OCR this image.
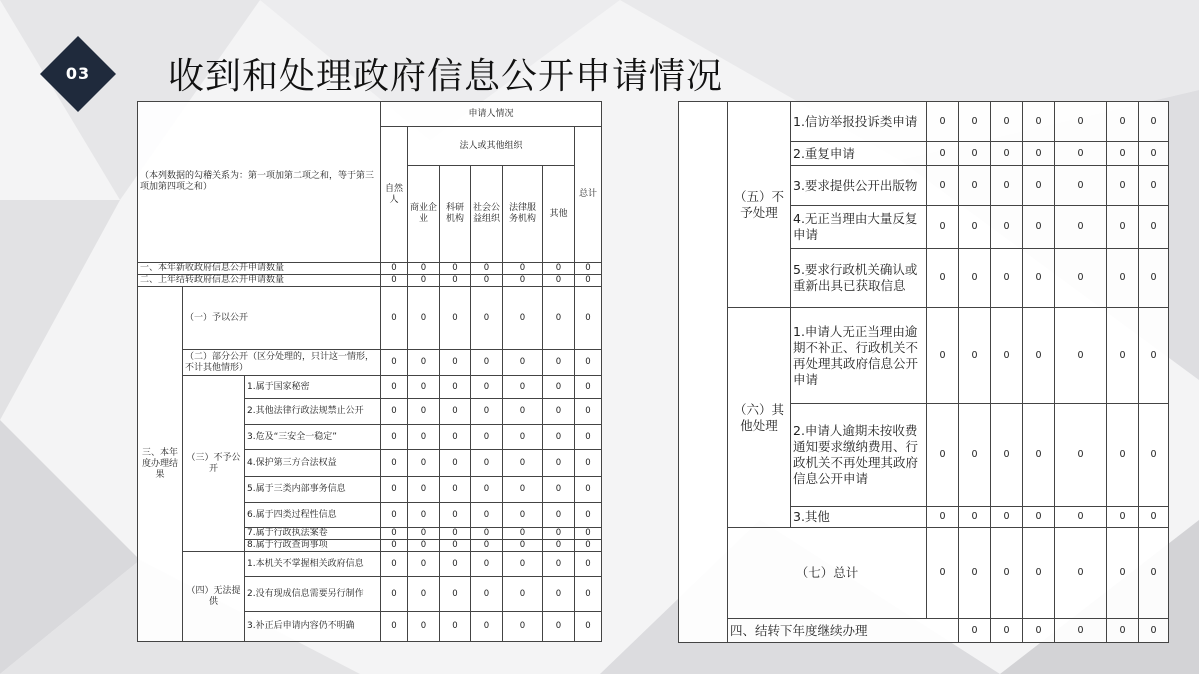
03	收到和处理政府信息公开申请情况
（本列数据的勾稽关系为：第一项加第二项之和，等于第三项加第四项之和）			申请人情况						
			自然人	法人或其他组织					总计
				商业企业	科研机构	社会公益组织	法律服务机构	其他	
一、本年新收政府信息公开申请数量			0	0	0	0	0	0	0
二、上年结转政府信息公开申请数量			0	0	0	0	0	0	0
三、本年度办理结果	（一）予以公开		0	0	0	0	0	0	0
	（二）部分公开（区分处理的，只计这一情形，不计其他情形）		0	0	0	0	0	0	0
	（三）不予公开	1.属于国家秘密	0	0	0	0	0	0	0
		2.其他法律行政法规禁止公开	0	0	0	0	0	0	0
		3.危及“三安全一稳定”	0	0	0	0	0	0	0
		4.保护第三方合法权益	0	0	0	0	0	0	0
		5.属于三类内部事务信息	0	0	0	0	0	0	0
		6.属于四类过程性信息	0	0	0	0	0	0	0
		7.属于行政执法案卷	0	0	0	0	0	0	0
		8.属于行政查询事项	0	0	0	0	0	0	0
	（四）无法提供	1.本机关不掌握相关政府信息	0	0	0	0	0	0	0
		2.没有现成信息需要另行制作	0	0	0	0	0	0	0
		3.补正后申请内容仍不明确	0	0	0	0	0	0	0
	（五）不予处理	1.信访举报投诉类申请	0	0	0	0	0	0	0	
		2.重复申请	0	0	0	0	0	0	0	
		3.要求提供公开出版物	0	0	0	0	0	0	0	
		4.无正当理由大量反复申请	0	0	0	0	0	0	0	
		5.要求行政机关确认或重新出具已获取信息	0	0	0	0	0	0	0	
	（六）其他处理	1.申请人无正当理由逾期不补正、行政机关不再处理其政府信息公开申请	0	0	0	0	0	0	0	
		2.申请人逾期未按收费通知要求缴纳费用、行政机关不再处理其政府信息公开申请	0	0	0	0	0	0	0	
		3.其他	0	0	0	0	0	0	0	
	（七）总计		0	0	0	0	0	0	0	
	四、结转下年度继续办理			0	0	0	0	0	0	
